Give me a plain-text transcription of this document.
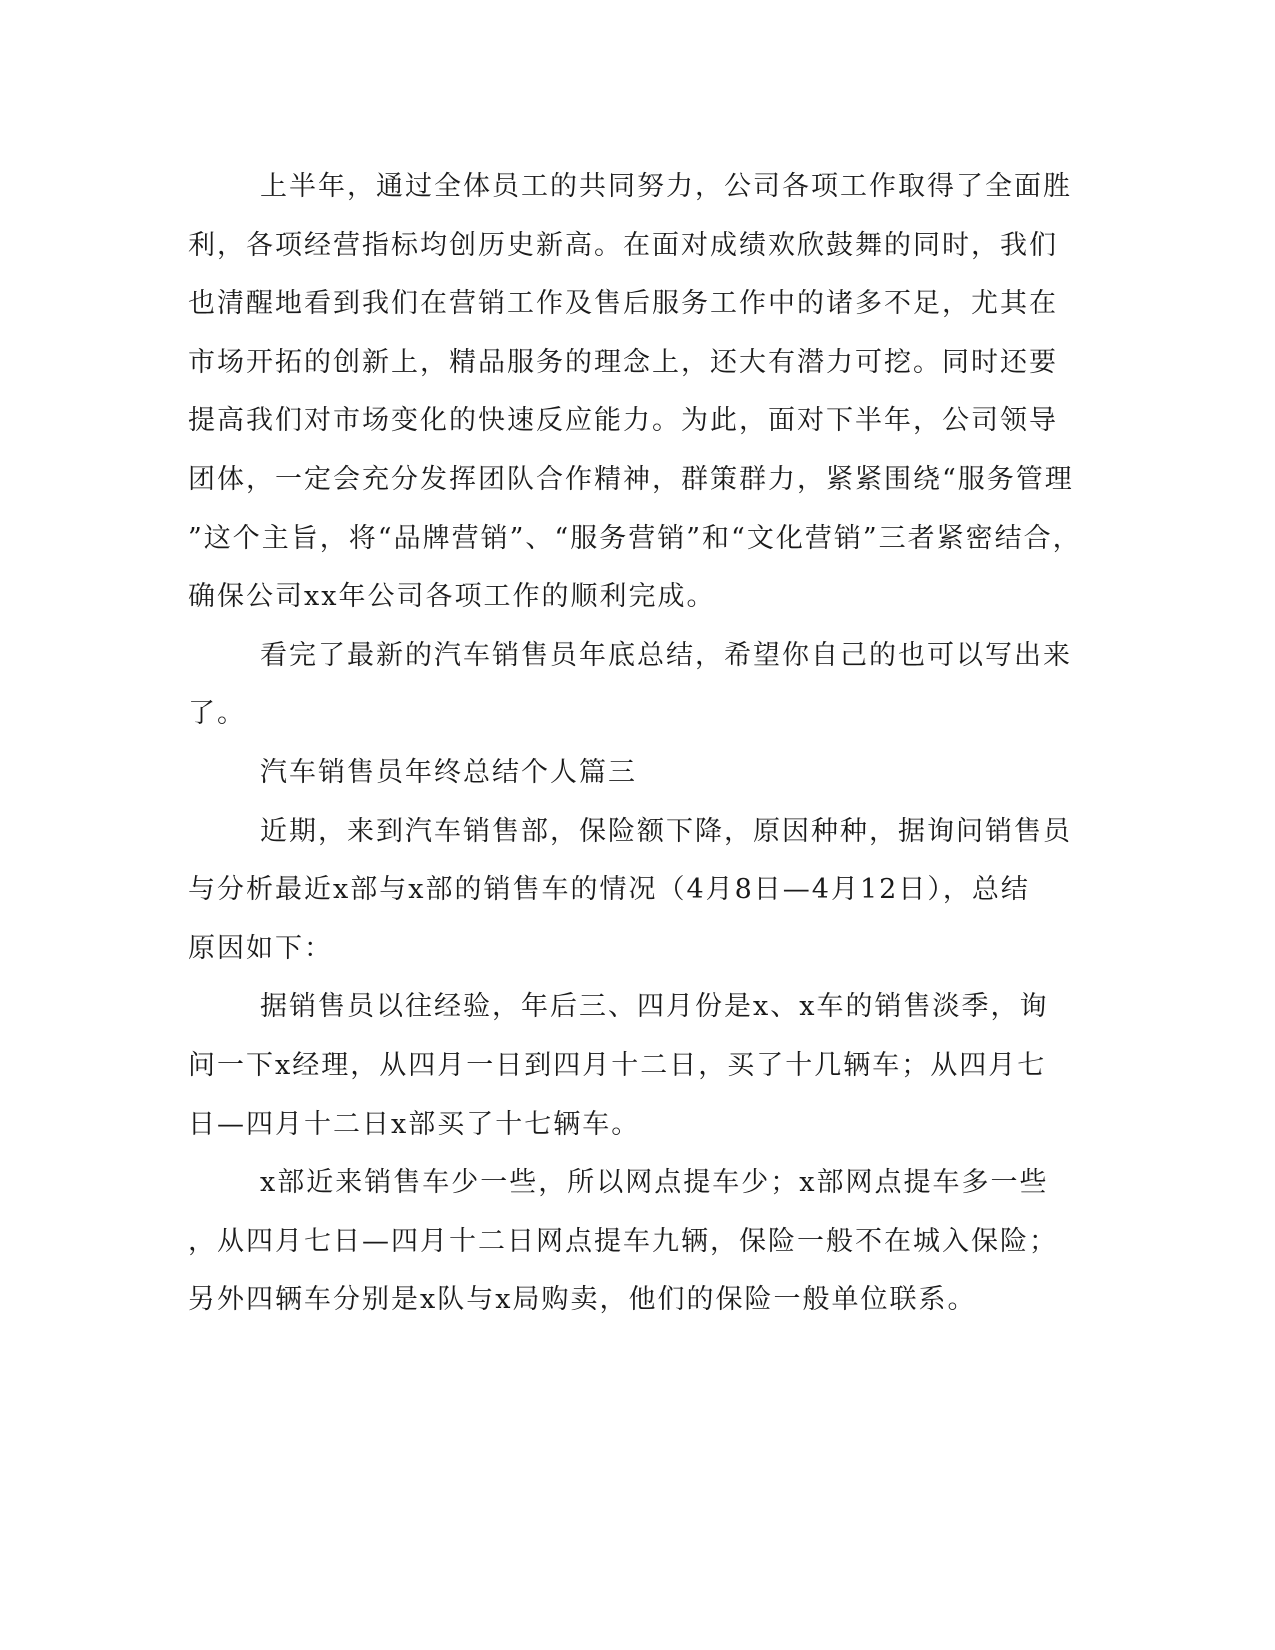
上半年，通过全体员工的共同努力，公司各项工作取得了全面胜
利，各项经营指标均创历史新高。在面对成绩欢欣鼓舞的同时，我们
也清醒地看到我们在营销工作及售后服务工作中的诸多不足，尤其在
市场开拓的创新上，精品服务的理念上，还大有潜力可挖。同时还要
提高我们对市场变化的快速反应能力。为此，面对下半年，公司领导
团体，一定会充分发挥团队合作精神，群策群力，紧紧围绕“服务管理
”这个主旨，将“品牌营销”、“服务营销”和“文化营销”三者紧密结合，
确保公司xx年公司各项工作的顺利完成。
看完了最新的汽车销售员年底总结，希望你自己的也可以写出来
了。
汽车销售员年终总结个人篇三
近期，来到汽车销售部，保险额下降，原因种种，据询问销售员
与分析最近x部与x部的销售车的情况（4月8日—4月12日），总结
原因如下：
据销售员以往经验，年后三、四月份是x、x车的销售淡季，询
问一下x经理，从四月一日到四月十二日，买了十几辆车；从四月七
日—四月十二日x部买了十七辆车。
x部近来销售车少一些，所以网点提车少；x部网点提车多一些
，从四月七日—四月十二日网点提车九辆，保险一般不在城入保险；
另外四辆车分别是x队与x局购卖，他们的保险一般单位联系。
